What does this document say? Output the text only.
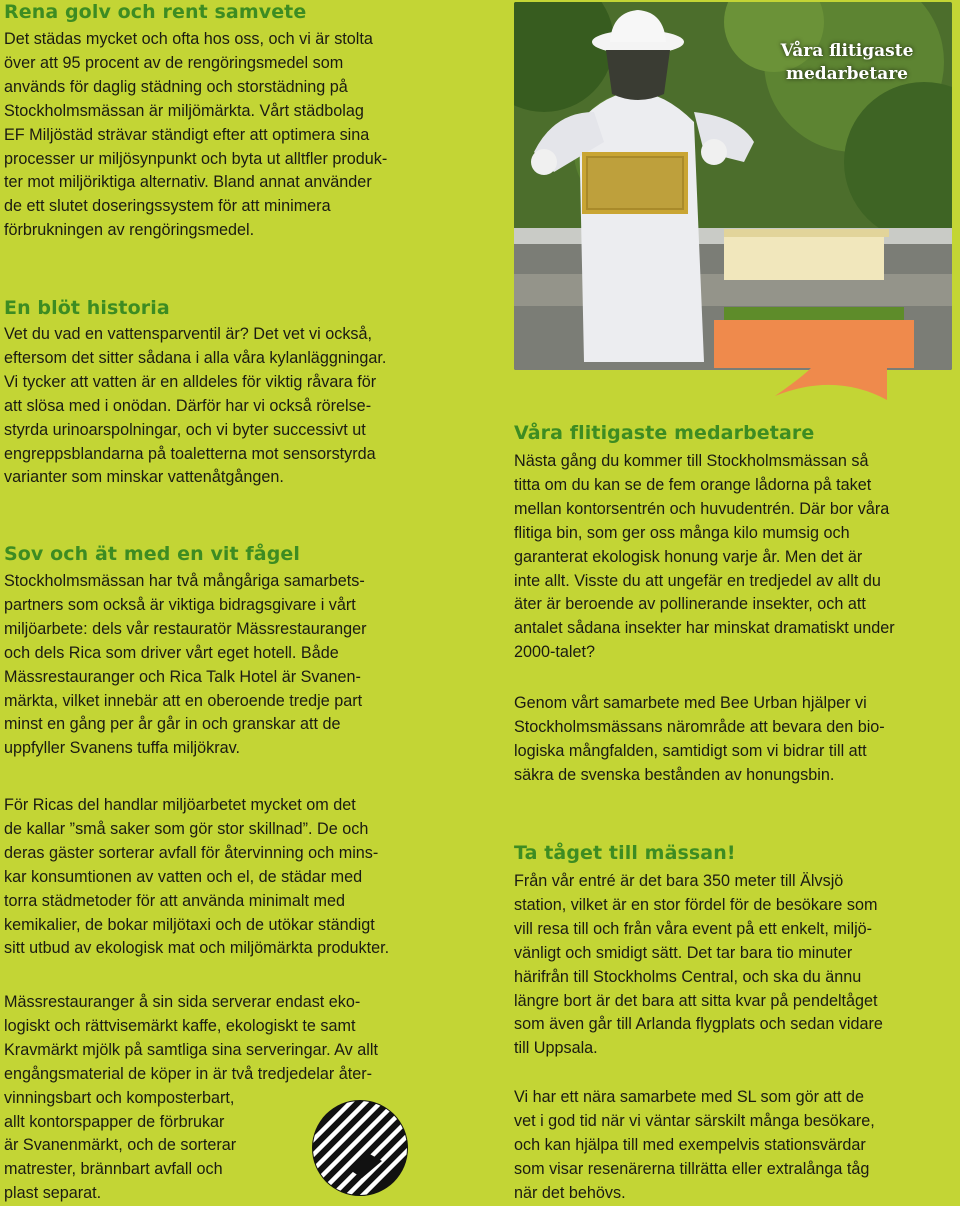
Rena golv och rent samvete
Det städas mycket och ofta hos oss, och vi är stolta
över att 95 procent av de rengöringsmedel som
används för daglig städning och storstädning på
Stockholmsmässan är miljömärkta. Vårt städbolag
EF Miljöstäd strävar ständigt efter att optimera sina
processer ur miljösynpunkt och byta ut alltfler produk-
ter mot miljöriktiga alternativ. Bland annat använder
de ett slutet doseringssystem för att minimera
förbrukningen av rengöringsmedel.
En blöt historia
Vet du vad en vattensparventil är? Det vet vi också,
eftersom det sitter sådana i alla våra kylanläggningar.
Vi tycker att vatten är en alldeles för viktig råvara för
att slösa med i onödan. Därför har vi också rörelse-
styrda urinoarspolningar, och vi byter successivt ut
engreppsblandarna på toaletterna mot sensorstyrda
varianter som minskar vattenåtgången.
Sov och ät med en vit fågel
Stockholmsmässan har två mångåriga samarbets-
partners som också är viktiga bidragsgivare i vårt
miljöarbete: dels vår restauratör Mässrestauranger
och dels Rica som driver vårt eget hotell. Både
Mässrestauranger och Rica Talk Hotel är Svanen-
märkta, vilket innebär att en oberoende tredje part
minst en gång per år går in och granskar att de
uppfyller Svanens tuffa miljökrav.
För Ricas del handlar miljöarbetet mycket om det
de kallar ”små saker som gör stor skillnad”. De och
deras gäster sorterar avfall för återvinning och mins-
kar konsumtionen av vatten och el, de städar med
torra städmetoder för att använda minimalt med
kemikalier, de bokar miljötaxi och de utökar ständigt
sitt utbud av ekologisk mat och miljömärkta produkter.
Mässrestauranger å sin sida serverar endast eko-
logiskt och rättvisemärkt kaffe, ekologiskt te samt
Kravmärkt mjölk på samtliga sina serveringar. Av allt
engångsmaterial de köper in är två tredjedelar åter-
vinningsbart och komposterbart,
allt kontorspapper de förbrukar
är Svanenmärkt, och de sorterar
matrester, brännbart avfall och
plast separat.
Våra flitigaste medarbetare
Våra flitigaste medarbetare
Nästa gång du kommer till Stockholmsmässan så
titta om du kan se de fem orange lådorna på taket
mellan kontorsentrén och huvudentrén. Där bor våra
flitiga bin, som ger oss många kilo mumsig och
garanterat ekologisk honung varje år. Men det är
inte allt. Visste du att ungefär en tredjedel av allt du
äter är beroende av pollinerande insekter, och att
antalet sådana insekter har minskat dramatiskt under
2000-talet?
Genom vårt samarbete med Bee Urban hjälper vi
Stockholmsmässans närområde att bevara den bio-
logiska mångfalden, samtidigt som vi bidrar till att
säkra de svenska bestånden av honungsbin.
Ta tåget till mässan!
Från vår entré är det bara 350 meter till Älvsjö
station, vilket är en stor fördel för de besökare som
vill resa till och från våra event på ett enkelt, miljö-
vänligt och smidigt sätt. Det tar bara tio minuter
härifrån till Stockholms Central, och ska du ännu
längre bort är det bara att sitta kvar på pendeltåget
som även går till Arlanda flygplats och sedan vidare
till Uppsala.
Vi har ett nära samarbete med SL som gör att de
vet i god tid när vi väntar särskilt många besökare,
och kan hjälpa till med exempelvis stationsvärdar
som visar resenärerna tillrätta eller extralånga tåg
när det behövs.
